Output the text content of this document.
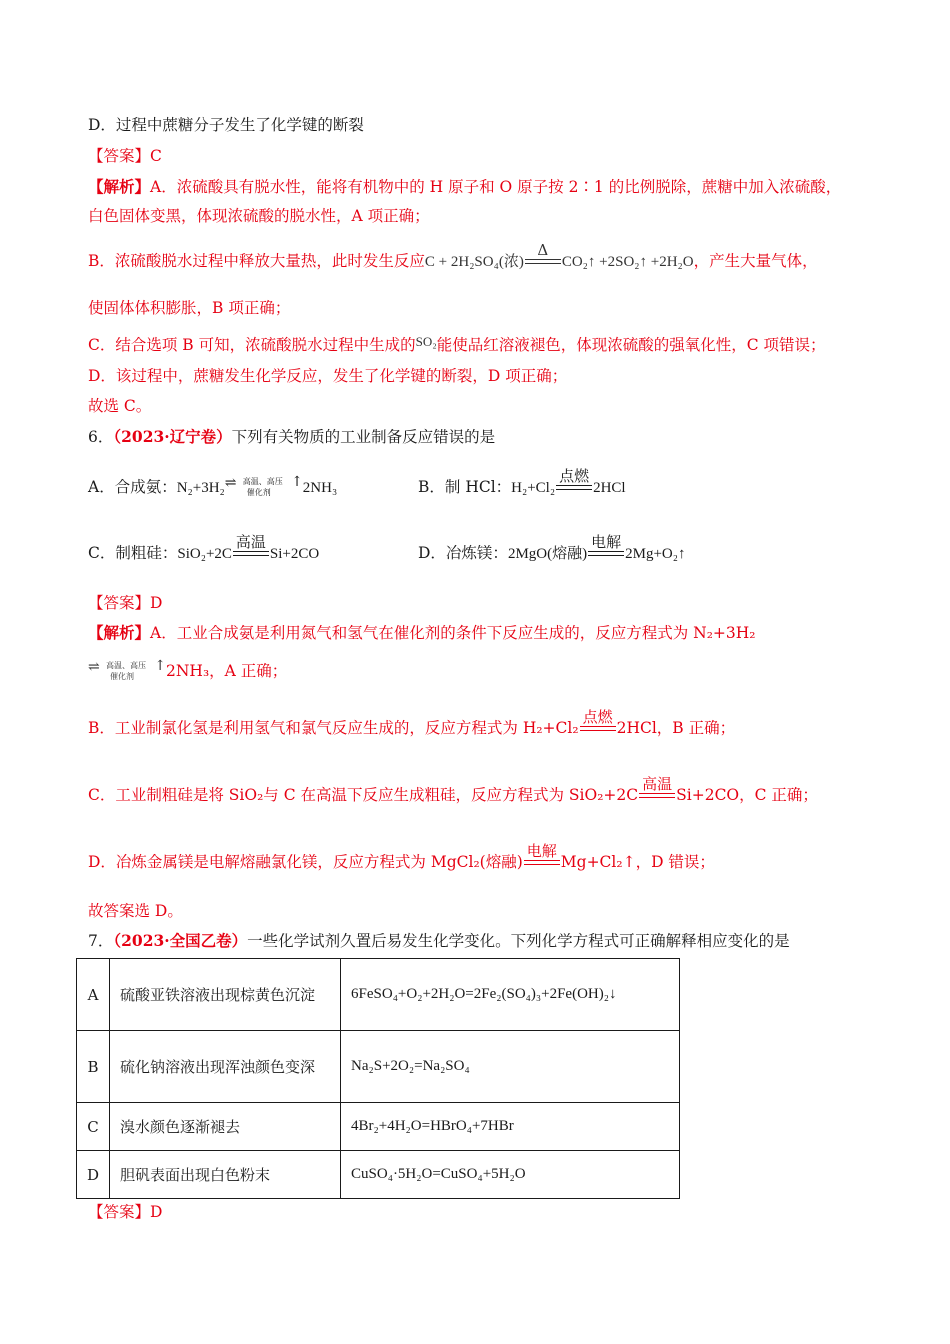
D．过程中蔗糖分子发生了化学键的断裂
【答案】C
【解析】A．浓硫酸具有脱水性，能将有机物中的 H 原子和 O 原子按 2∶1 的比例脱除，蔗糖中加入浓硫酸，
白色固体变黑，体现浓硫酸的脱水性，A 项正确；
B．浓硫酸脱水过程中释放大量热，此时发生反应C + 2H₂SO₄(浓)
Δ
CO₂↑ +2SO₂↑ +2H₂O，产生大量气体，
使固体体积膨胀，B 项正确；
C．结合选项 B 可知，浓硫酸脱水过程中生成的$^{SO_2}$能使品红溶液褪色，体现浓硫酸的强氧化性，C 项错误；
D．该过程中，蔗糖发生化学反应，发生了化学键的断裂，D 项正确；
故选 C。
6．（2023·辽宁卷）下列有关物质的工业制备反应错误的是
A．合成氨：N₂+3H₂ ⇌ 高温、高压
催化剂
↑ 2NH₃	B．制 HCl：H₂+Cl₂
点燃
2HCl
C．制粗硅：SiO₂+2C
高温
Si+2CO	D．冶炼镁：2MgO(熔融)
电解
2Mg+O₂↑
【答案】D
【解析】A．工业合成氨是利用氮气和氢气在催化剂的条件下反应生成的，反应方程式为 N₂+3H₂
⇌ 高温、高压
催化剂
↑ 2NH₃，A 正确；
B．工业制氯化氢是利用氢气和氯气反应生成的，反应方程式为 H₂+Cl₂
点燃
2HCl，B 正确；
C．工业制粗硅是将 SiO₂与 C 在高温下反应生成粗硅，反应方程式为 SiO₂+2C
高温
Si+2CO，C 正确；
D．冶炼金属镁是电解熔融氯化镁，反应方程式为 MgCl₂(熔融)
电解
Mg+Cl₂↑，D 错误；
故答案选 D。
7．（2023·全国乙卷）一些化学试剂久置后易发生化学变化。下列化学方程式可正确解释相应变化的是
A	硫酸亚铁溶液出现棕黄色沉淀	6FeSO₄+O₂+2H₂O=2Fe₂(SO₄)₃+2Fe(OH)₂↓
B	硫化钠溶液出现浑浊颜色变深	Na₂S+2O₂=Na₂SO₄
C	溴水颜色逐渐褪去	4Br₂+4H₂O=HBrO₄+7HBr
D	胆矾表面出现白色粉末	CuSO₄·5H₂O=CuSO₄+5H₂O
【答案】D
